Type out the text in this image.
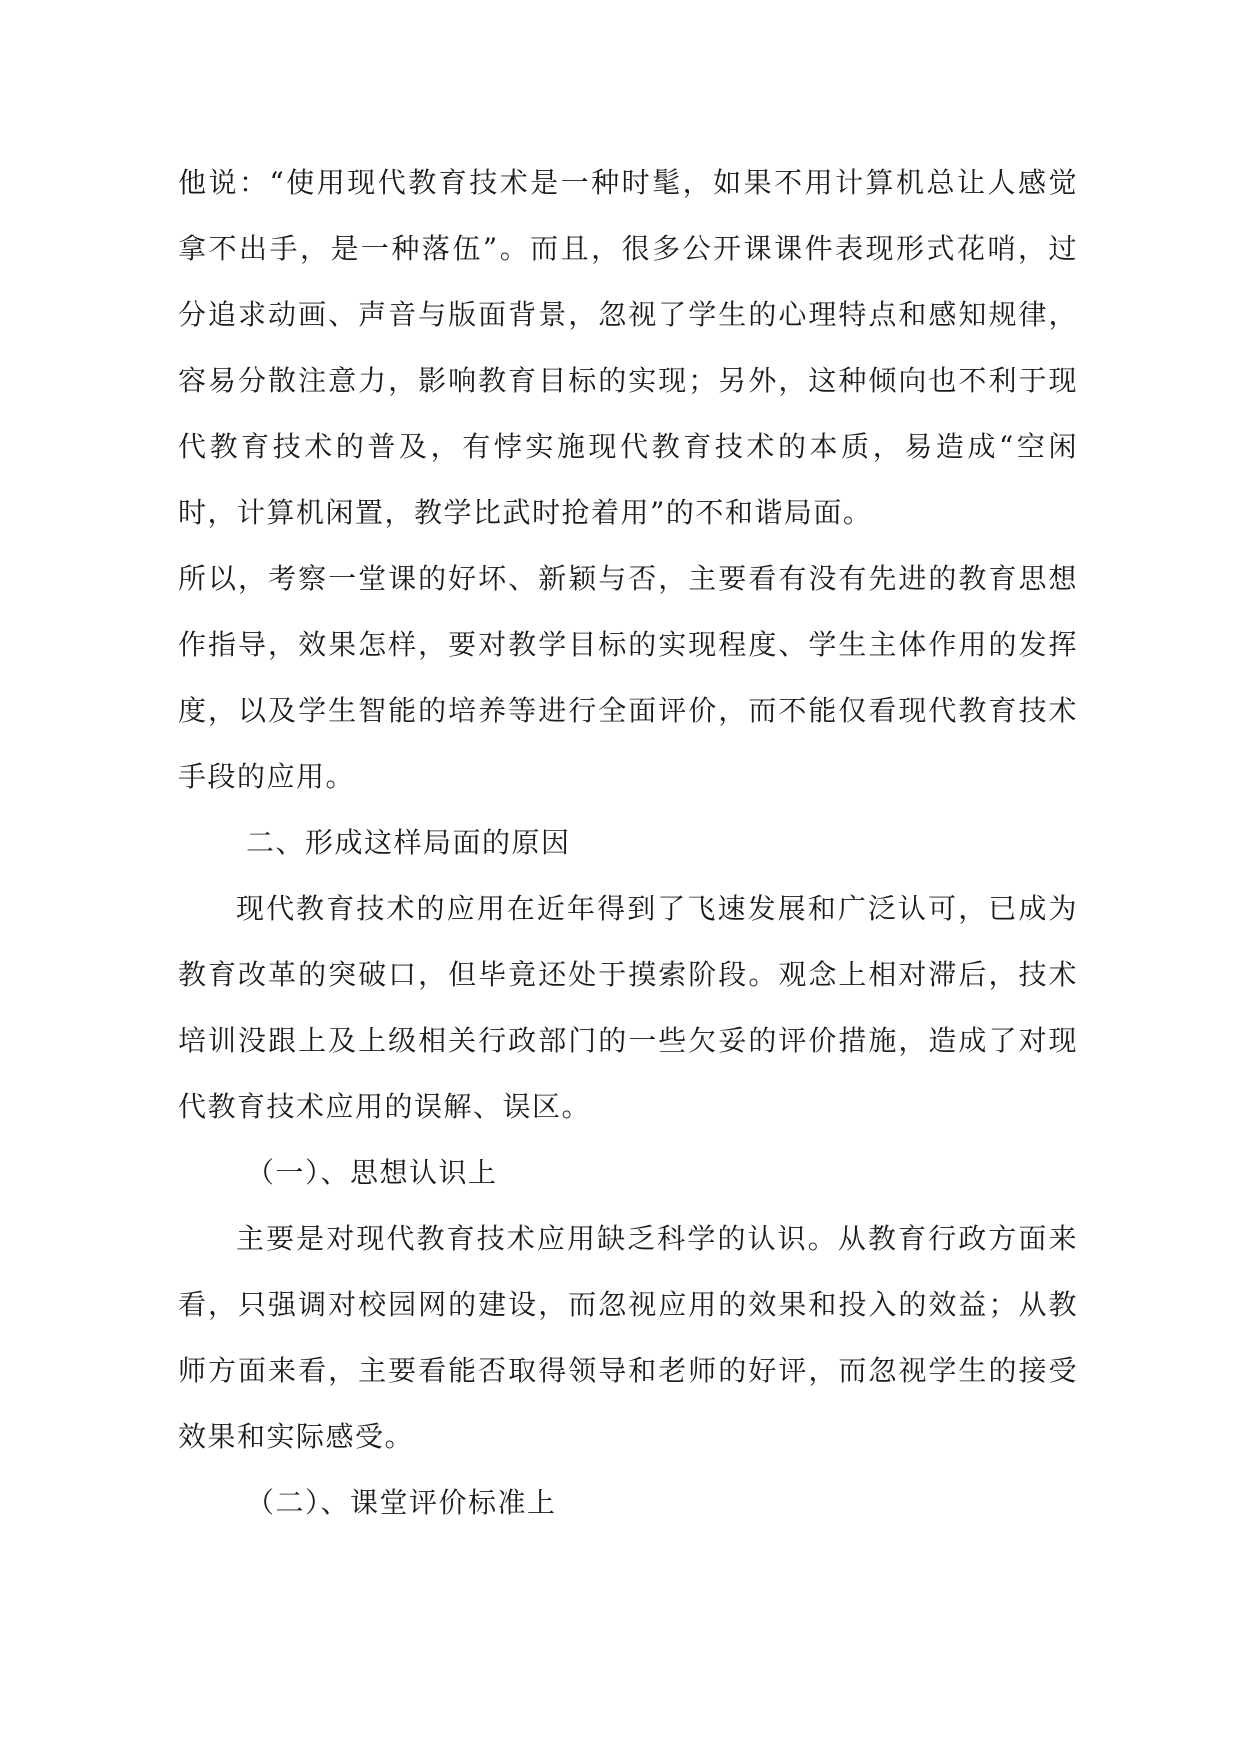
他说：“使用现代教育技术是一种时髦，如果不用计算机总让人感觉拿不出手，是一种落伍”。而且，很多公开课课件表现形式花哨，过分追求动画、声音与版面背景，忽视了学生的心理特点和感知规律，容易分散注意力，影响教育目标的实现；另外，这种倾向也不利于现代教育技术的普及，有悖实施现代教育技术的本质，易造成“空闲时，计算机闲置，教学比武时抢着用”的不和谐局面。

所以，考察一堂课的好坏、新颖与否，主要看有没有先进的教育思想作指导，效果怎样，要对教学目标的实现程度、学生主体作用的发挥度，以及学生智能的培养等进行全面评价，而不能仅看现代教育技术手段的应用。

二、形成这样局面的原因

现代教育技术的应用在近年得到了飞速发展和广泛认可，已成为教育改革的突破口，但毕竟还处于摸索阶段。观念上相对滞后，技术培训没跟上及上级相关行政部门的一些欠妥的评价措施，造成了对现代教育技术应用的误解、误区。

（一）、思想认识上

主要是对现代教育技术应用缺乏科学的认识。从教育行政方面来看，只强调对校园网的建设，而忽视应用的效果和投入的效益；从教师方面来看，主要看能否取得领导和老师的好评，而忽视学生的接受效果和实际感受。

（二）、课堂评价标准上
